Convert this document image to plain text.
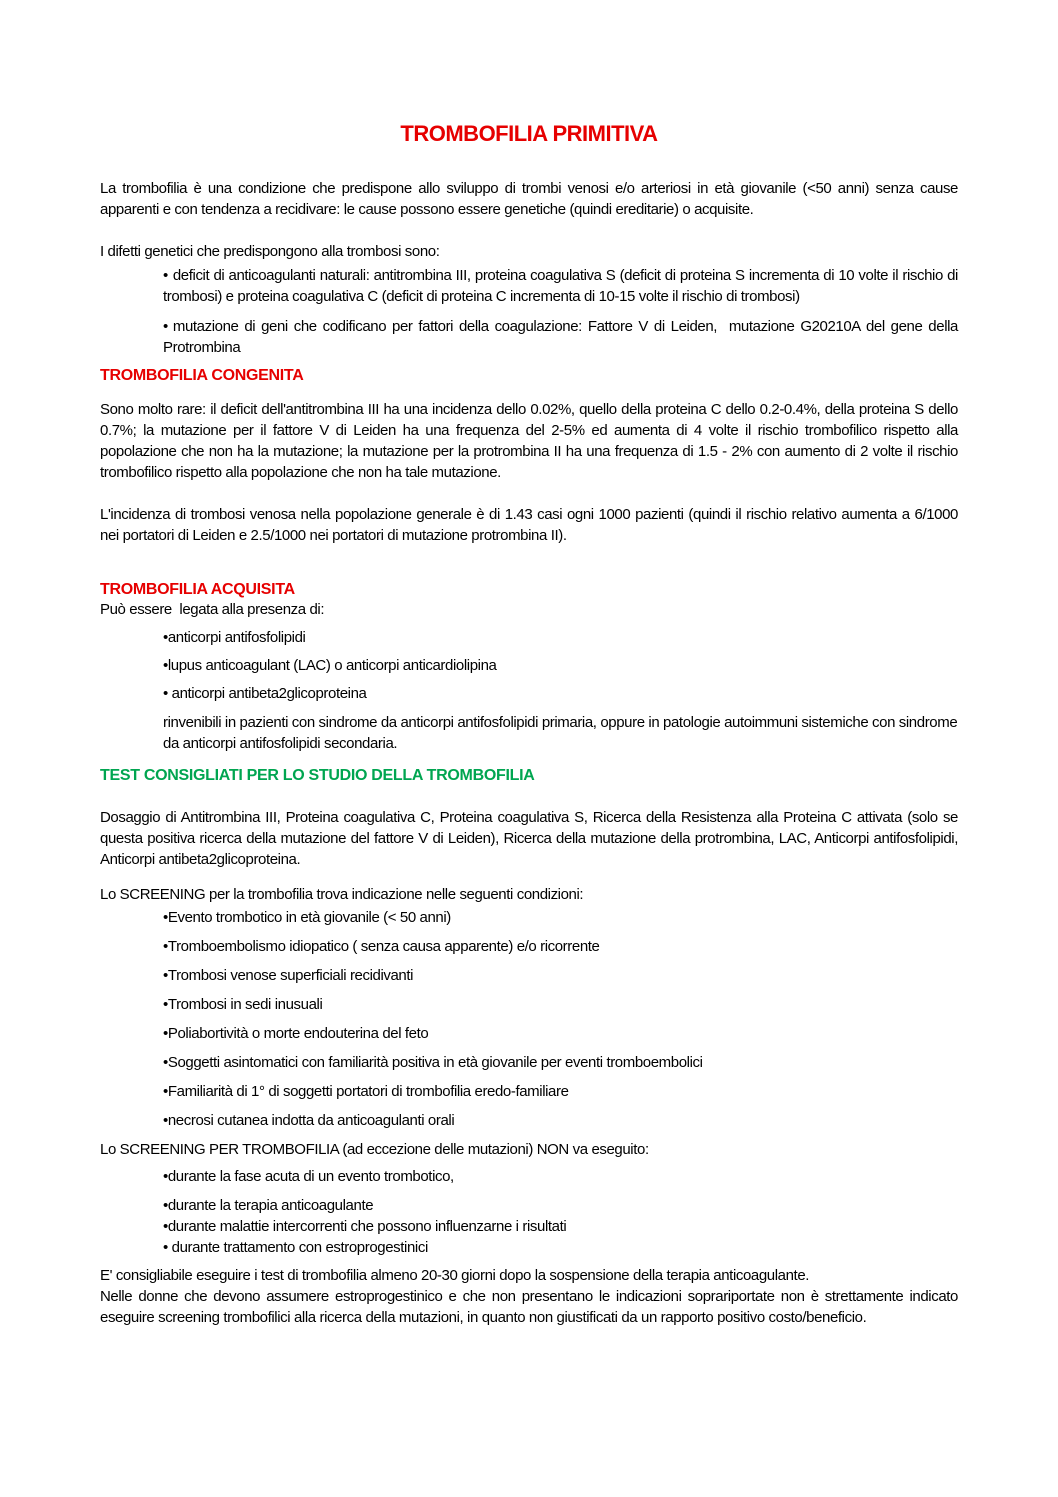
TROMBOFILIA PRIMITIVA

La trombofilia è una condizione che predispone allo sviluppo di trombi venosi e/o arteriosi in età giovanile (<50 anni) senza cause apparenti e con tendenza a recidivare: le cause possono essere genetiche (quindi ereditarie) o acquisite.

I difetti genetici che predispongono alla trombosi sono:

• deficit di anticoagulanti naturali: antitrombina III, proteina coagulativa S (deficit di proteina S incrementa di 10 volte il rischio di trombosi) e proteina coagulativa C (deficit di proteina C incrementa di 10-15 volte il rischio di trombosi)
• mutazione di geni che codificano per fattori della coagulazione: Fattore V di Leiden,  mutazione G20210A del gene della Protrombina
TROMBOFILIA CONGENITA

Sono molto rare: il deficit dell'antitrombina III ha una incidenza dello 0.02%, quello della proteina C dello 0.2-0.4%, della proteina S dello 0.7%; la mutazione per il fattore V di Leiden ha una frequenza del 2-5% ed aumenta di 4 volte il rischio trombofilico rispetto alla popolazione che non ha la mutazione; la mutazione per la protrombina II ha una frequenza di 1.5 - 2% con aumento di 2 volte il rischio trombofilico rispetto alla popolazione che non ha tale mutazione.

L'incidenza di trombosi venosa nella popolazione generale è di 1.43 casi ogni 1000 pazienti (quindi il rischio relativo aumenta a 6/1000 nei portatori di Leiden e 2.5/1000 nei portatori di mutazione protrombina II).

TROMBOFILIA ACQUISITA

Può essere  legata alla presenza di:

•anticorpi antifosfolipidi
•lupus anticoagulant (LAC) o anticorpi anticardiolipina
• anticorpi antibeta2glicoproteina

rinvenibili in pazienti con sindrome da anticorpi antifosfolipidi primaria, oppure in patologie autoimmuni sistemiche con sindrome da anticorpi antifosfolipidi secondaria.

TEST CONSIGLIATI PER LO STUDIO DELLA TROMBOFILIA

Dosaggio di Antitrombina III, Proteina coagulativa C, Proteina coagulativa S, Ricerca della Resistenza alla Proteina C attivata (solo se questa positiva ricerca della mutazione del fattore V di Leiden), Ricerca della mutazione della protrombina, LAC, Anticorpi antifosfolipidi, Anticorpi antibeta2glicoproteina.

Lo SCREENING per la trombofilia trova indicazione nelle seguenti condizioni:

•Evento trombotico in età giovanile (< 50 anni)
•Tromboembolismo idiopatico ( senza causa apparente) e/o ricorrente
•Trombosi venose superficiali recidivanti
•Trombosi in sedi inusuali
•Poliabortività o morte endouterina del feto
•Soggetti asintomatici con familiarità positiva in età giovanile per eventi tromboembolici
•Familiarità di 1° di soggetti portatori di trombofilia eredo-familiare
•necrosi cutanea indotta da anticoagulanti orali

Lo SCREENING PER TROMBOFILIA (ad eccezione delle mutazioni) NON va eseguito:

•durante la fase acuta di un evento trombotico,
•durante la terapia anticoagulante
•durante malattie intercorrenti che possono influenzarne i risultati
• durante trattamento con estroprogestinici
E' consigliabile eseguire i test di trombofilia almeno 20-30 giorni dopo la sospensione della terapia anticoagulante.
Nelle donne che devono assumere estroprogestinico e che non presentano le indicazioni soprariportate non è strettamente indicato eseguire screening trombofilici alla ricerca della mutazioni, in quanto non giustificati da un rapporto positivo costo/beneficio.
